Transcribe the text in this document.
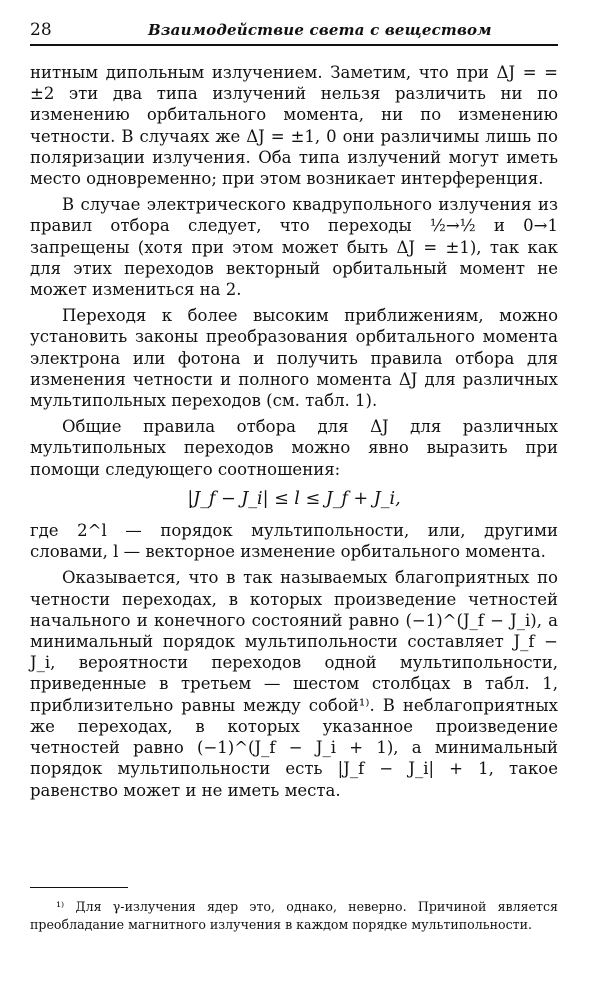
28	Взаимодействие света с веществом

нитным дипольным излучением. Заметим, что при ΔJ = = ±2 эти два типа излучений нельзя различить ни по изменению орбитального момента, ни по изменению четности. В случаях же ΔJ = ±1, 0 они различимы лишь по поляризации излучения. Оба типа излучений могут иметь место одновременно; при этом возникает интерференция.

В случае электрического квадрупольного излучения из правил отбора следует, что переходы ½→½ и 0→1 запрещены (хотя при этом может быть ΔJ = ±1), так как для этих переходов векторный орбитальный момент не может измениться на 2.

Переходя к более высоким приближениям, можно установить законы преобразования орбитального момента электрона или фотона и получить правила отбора для изменения четности и полного момента ΔJ для различных мультипольных переходов (см. табл. 1).

Общие правила отбора для ΔJ для различных мультипольных переходов можно явно выразить при помощи следующего соотношения:

|J_f − J_i| ≤ l ≤ J_f + J_i,

где 2^l — порядок мультипольности, или, другими словами, l — векторное изменение орбитального момента.

Оказывается, что в так называемых благоприятных по четности переходах, в которых произведение четностей начального и конечного состояний равно (−1)^(J_f − J_i), а минимальный порядок мультипольности составляет J_f − J_i, вероятности переходов одной мультипольности, приведенные в третьем — шестом столбцах в табл. 1, приблизительно равны между собой¹⁾. В неблагоприятных же переходах, в которых указанное произведение четностей равно (−1)^(J_f − J_i + 1), а минимальный порядок мультипольности есть |J_f − J_i| + 1, такое равенство может и не иметь места.

¹⁾ Для γ-излучения ядер это, однако, неверно. Причиной является преобладание магнитного излучения в каждом порядке мультипольности.
